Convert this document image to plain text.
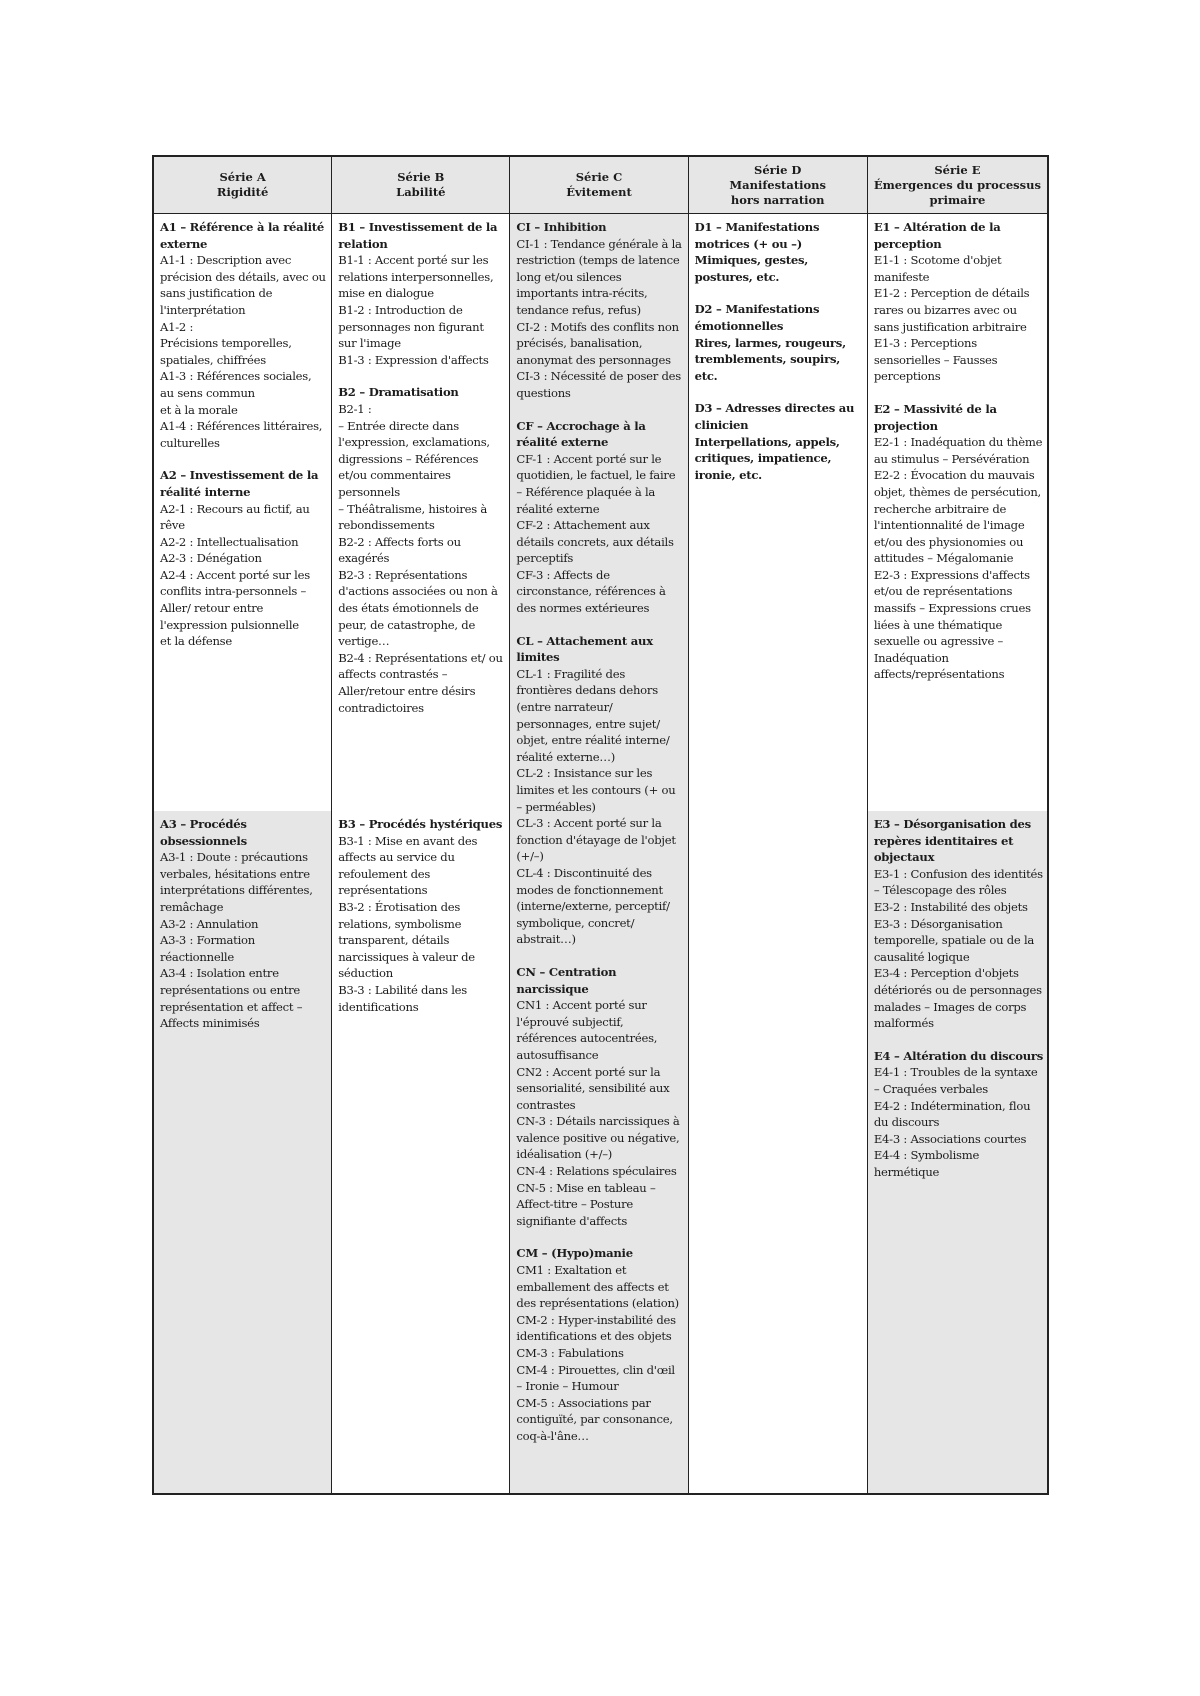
Série A
Rigidité
Série B
Labilité
Série C
Évitement
Série D
Manifestations
hors narration
Série E
Émergences du processus
primaire
A1 – Référence à la réalité externe
A1-1 : Description avec précision des détails, avec ou sans justification de l'interprétation
A1-2 :
Précisions temporelles, spatiales, chiffrées
A1-3 : Références sociales, au sens commun
et à la morale
A1-4 : Références littéraires, culturelles
A2 – Investissement de la réalité interne
A2-1 : Recours au fictif, au rêve
A2-2 : Intellectualisation
A2-3 : Dénégation
A2-4 : Accent porté sur les conflits intra-personnels – Aller/ retour entre l'expression pulsionnelle
et la défense
A3 – Procédés obsessionnels
A3-1 : Doute : précautions verbales, hésitations entre interprétations différentes, remâchage
A3-2 : Annulation
A3-3 : Formation réactionnelle
A3-4 : Isolation entre représentations ou entre représentation et affect – Affects minimisés
B1 – Investissement de la relation
B1-1 : Accent porté sur les relations interpersonnelles, mise en dialogue
B1-2 : Introduction de personnages non figurant sur l'image
B1-3 : Expression d'affects
B2 – Dramatisation
B2-1 :
– Entrée directe dans l'expression, exclamations, digressions – Références et/ou commentaires personnels
– Théâtralisme, histoires à rebondissements
B2-2 : Affects forts ou exagérés
B2-3 : Représentations d'actions associées ou non à des états émotionnels de peur, de catastrophe, de vertige…
B2-4 : Représentations et/ ou affects contrastés – Aller/retour entre désirs contradictoires
B3 – Procédés hystériques
B3-1 : Mise en avant des affects au service du refoulement des représentations
B3-2 : Érotisation des relations, symbolisme transparent, détails narcissiques à valeur de séduction
B3-3 : Labilité dans les identifications
CI – Inhibition
CI-1 : Tendance générale à la restriction (temps de latence long et/ou silences importants intra-récits, tendance refus, refus)
CI-2 : Motifs des conflits non précisés, banalisation, anonymat des personnages
CI-3 : Nécessité de poser des questions
CF – Accrochage à la réalité externe
CF-1 : Accent porté sur le quotidien, le factuel, le faire – Référence plaquée à la réalité externe
CF-2 : Attachement aux détails concrets, aux détails perceptifs
CF-3 : Affects de circonstance, références à des normes extérieures
CL – Attachement aux limites
CL-1 : Fragilité des frontières dedans dehors (entre narrateur/ personnages, entre sujet/ objet, entre réalité interne/ réalité externe…)
CL-2 : Insistance sur les limites et les contours (+ ou – perméables)
CL-3 : Accent porté sur la fonction d'étayage de l'objet (+/–)
CL-4 : Discontinuité des modes de fonctionnement (interne/externe, perceptif/ symbolique, concret/ abstrait…)
CN – Centration narcissique
CN1 : Accent porté sur l'éprouvé subjectif, références autocentrées, autosuffisance
CN2 : Accent porté sur la sensorialité, sensibilité aux contrastes
CN-3 : Détails narcissiques à valence positive ou négative, idéalisation (+/–)
CN-4 : Relations spéculaires
CN-5 : Mise en tableau – Affect-titre – Posture signifiante d'affects
CM – (Hypo)manie
CM1 : Exaltation et emballement des affects et des représentations (elation)
CM-2 : Hyper-instabilité des identifications et des objets
CM-3 : Fabulations
CM-4 : Pirouettes, clin d'œil – Ironie – Humour
CM-5 : Associations par contiguïté, par consonance, coq-à-l'âne…
D1 – Manifestations motrices (+ ou –)
Mimiques, gestes, postures, etc.
D2 – Manifestations émotionnelles
Rires, larmes, rougeurs, tremblements, soupirs, etc.
D3 – Adresses directes au clinicien
Interpellations, appels, critiques, impatience, ironie, etc.
E1 – Altération de la perception
E1-1 : Scotome d'objet manifeste
E1-2 : Perception de détails rares ou bizarres avec ou sans justification arbitraire
E1-3 : Perceptions sensorielles – Fausses perceptions
E2 – Massivité de la projection
E2-1 : Inadéquation du thème au stimulus – Persévération
E2-2 : Évocation du mauvais objet, thèmes de persécution, recherche arbitraire de l'intentionnalité de l'image et/ou des physionomies ou attitudes – Mégalomanie
E2-3 : Expressions d'affects et/ou de représentations massifs – Expressions crues liées à une thématique sexuelle ou agressive – Inadéquation affects/représentations
E3 – Désorganisation des repères identitaires et objectaux
E3-1 : Confusion des identités – Télescopage des rôles
E3-2 : Instabilité des objets
E3-3 : Désorganisation temporelle, spatiale ou de la causalité logique
E3-4 : Perception d'objets détériorés ou de personnages malades – Images de corps malformés
E4 – Altération du discours
E4-1 : Troubles de la syntaxe – Craquées verbales
E4-2 : Indétermination, flou du discours
E4-3 : Associations courtes
E4-4 : Symbolisme hermétique
